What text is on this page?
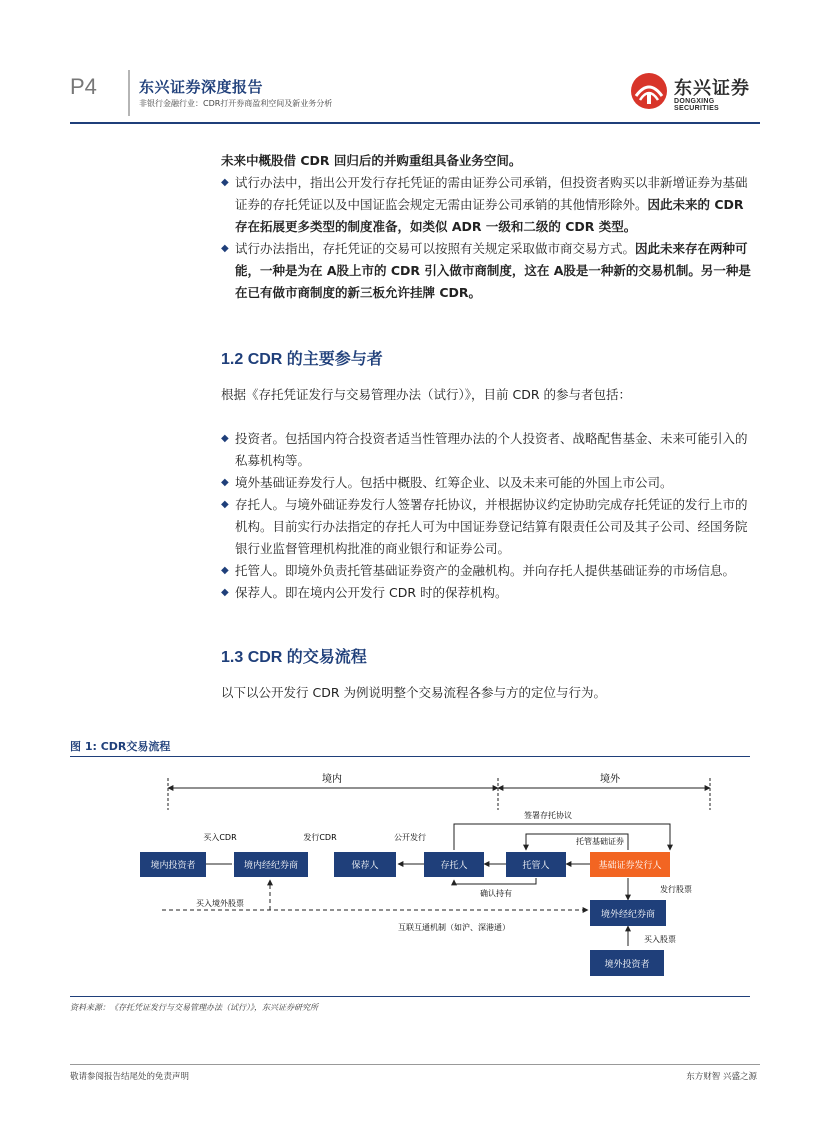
P4	东兴证券深度报告
非银行金融行业：CDR打开券商盈利空间及新业务分析
东兴证券
DONGXING SECURITIES
未来中概股借 CDR 回归后的并购重组具备业务空间。
◆ 试行办法中，指出公开发行存托凭证的需由证券公司承销，但投资者购买以非新增证券为基础证券的存托凭证以及中国证监会规定无需由证券公司承销的其他情形除外。因此未来的 CDR 存在拓展更多类型的制度准备，如类似 ADR 一级和二级的 CDR 类型。
◆ 试行办法指出，存托凭证的交易可以按照有关规定采取做市商交易方式。因此未来存在两种可能，一种是为在 A股上市的 CDR 引入做市商制度，这在 A股是一种新的交易机制。另一种是在已有做市商制度的新三板允许挂牌 CDR。
1.2 CDR 的主要参与者
根据《存托凭证发行与交易管理办法（试行）》，目前 CDR 的参与者包括：
◆ 投资者。包括国内符合投资者适当性管理办法的个人投资者、战略配售基金、未来可能引入的私募机构等。
◆ 境外基础证券发行人。包括中概股、红筹企业、以及未来可能的外国上市公司。
◆ 存托人。与境外础证券发行人签署存托协议，并根据协议约定协助完成存托凭证的发行上市的机构。目前实行办法指定的存托人可为中国证券登记结算有限责任公司及其子公司、经国务院银行业监督管理机构批准的商业银行和证券公司。
◆ 托管人。即境外负责托管基础证券资产的金融机构。并向存托人提供基础证券的市场信息。
◆ 保荐人。即在境内公开发行 CDR 时的保荐机构。
1.3 CDR 的交易流程
以下以公开发行 CDR 为例说明整个交易流程各参与方的定位与行为。
图 1: CDR交易流程
境内	境外
境内投资者	境内经纪券商	保荐人	存托人	托管人	基础证券发行人
境外经纪券商
境外投资者
买入CDR	发行CDR	公开发行
签署存托协议
托管基础证券
确认持有	发行股票
买入股票
买入境外股票
互联互通机制（如沪、深港通）
资料来源：《存托凭证发行与交易管理办法（试行）》，东兴证券研究所
敬请参阅报告结尾处的免责声明	东方财智 兴盛之源
